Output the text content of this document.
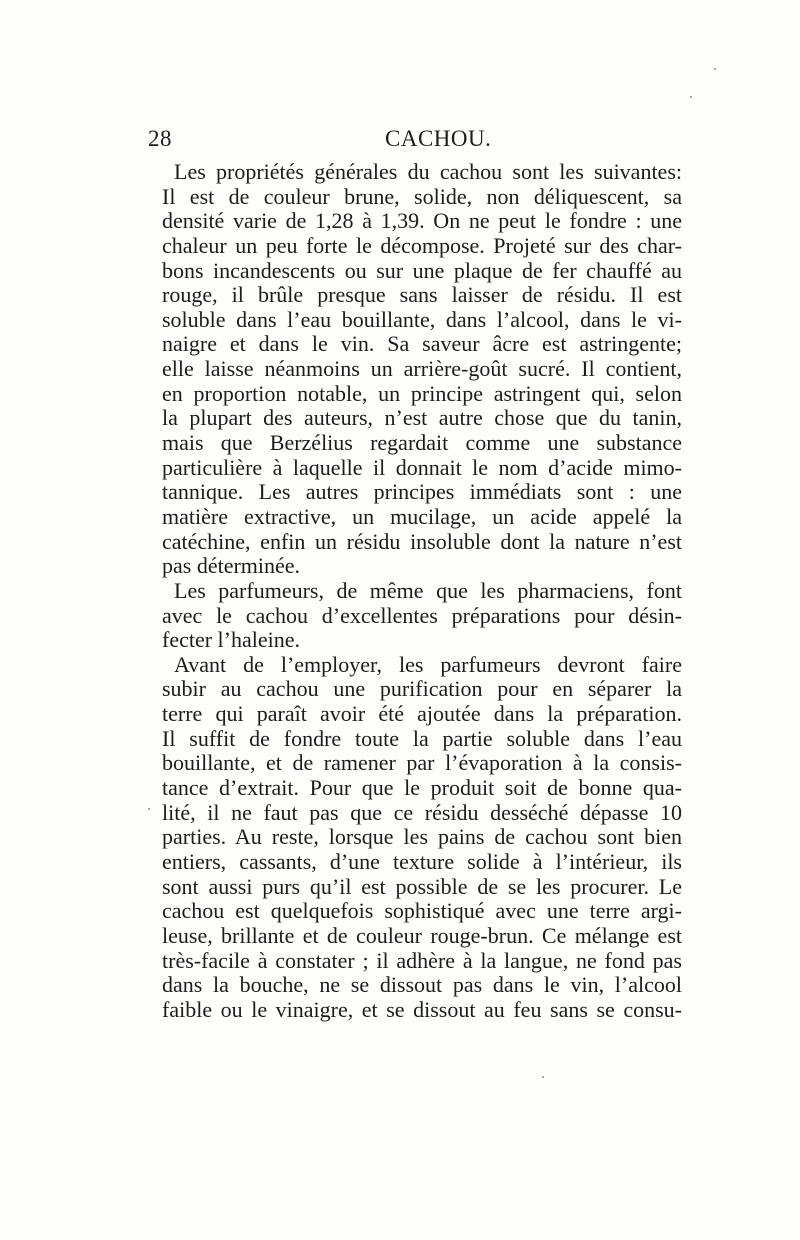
28	CACHOU.
Les propriétés générales du cachou sont les suivantes:
Il est de couleur brune, solide, non déliquescent, sa
densité varie de 1,28 à 1,39. On ne peut le fondre : une
chaleur un peu forte le décompose. Projeté sur des char-
bons incandescents ou sur une plaque de fer chauffé au
rouge, il brûle presque sans laisser de résidu. Il est
soluble dans l’eau bouillante, dans l’alcool, dans le vi-
naigre et dans le vin. Sa saveur âcre est astringente;
elle laisse néanmoins un arrière-goût sucré. Il contient,
en proportion notable, un principe astringent qui, selon
la plupart des auteurs, n’est autre chose que du tanin,
mais que Berzélius regardait comme une substance
particulière à laquelle il donnait le nom d’acide mimo-
tannique. Les autres principes immédiats sont : une
matière extractive, un mucilage, un acide appelé la
catéchine, enfin un résidu insoluble dont la nature n’est
pas déterminée.
Les parfumeurs, de même que les pharmaciens, font
avec le cachou d’excellentes préparations pour désin-
fecter l’haleine.
Avant de l’employer, les parfumeurs devront faire
subir au cachou une purification pour en séparer la
terre qui paraît avoir été ajoutée dans la préparation.
Il suffit de fondre toute la partie soluble dans l’eau
bouillante, et de ramener par l’évaporation à la consis-
tance d’extrait. Pour que le produit soit de bonne qua-
lité, il ne faut pas que ce résidu desséché dépasse 10
parties. Au reste, lorsque les pains de cachou sont bien
entiers, cassants, d’une texture solide à l’intérieur, ils
sont aussi purs qu’il est possible de se les procurer. Le
cachou est quelquefois sophistiqué avec une terre argi-
leuse, brillante et de couleur rouge-brun. Ce mélange est
très-facile à constater ; il adhère à la langue, ne fond pas
dans la bouche, ne se dissout pas dans le vin, l’alcool
faible ou le vinaigre, et se dissout au feu sans se consu-
